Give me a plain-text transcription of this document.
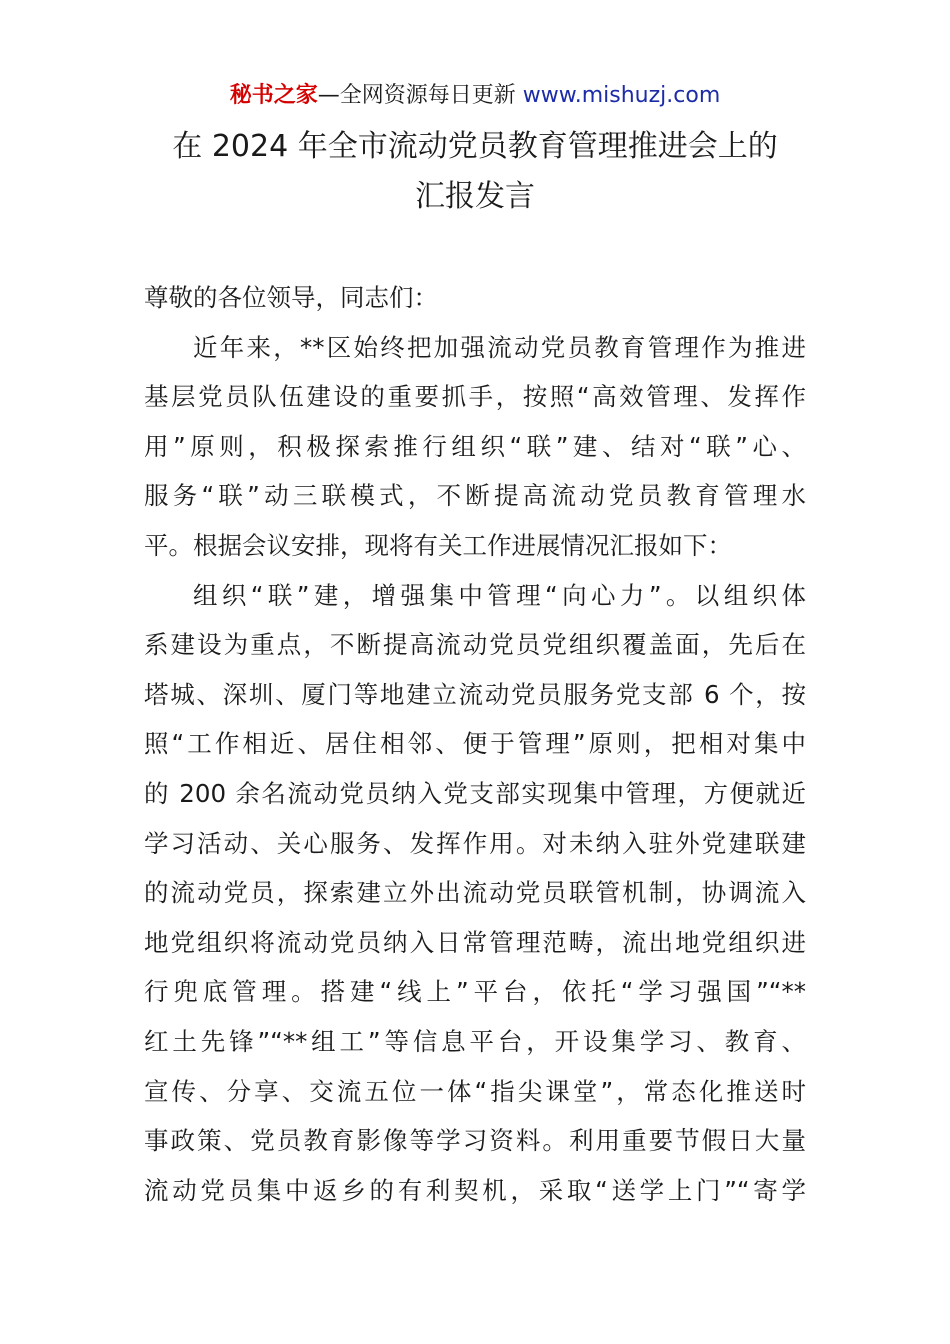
秘书之家—全网资源每日更新 www.mishuzj.com
在 2024 年全市流动党员教育管理推进会上的
汇报发言
尊敬的各位领导，同志们：
近年来，**区始终把加强流动党员教育管理作为推进
基层党员队伍建设的重要抓手，按照“高效管理、发挥作
用”原则，积极探索推行组织“联”建、结对“联”心、
服务“联”动三联模式，不断提高流动党员教育管理水
平。根据会议安排，现将有关工作进展情况汇报如下：
组织“联”建，增强集中管理“向心力”。以组织体
系建设为重点，不断提高流动党员党组织覆盖面，先后在
塔城、深圳、厦门等地建立流动党员服务党支部 6 个，按
照“工作相近、居住相邻、便于管理”原则，把相对集中
的 200 余名流动党员纳入党支部实现集中管理，方便就近
学习活动、关心服务、发挥作用。对未纳入驻外党建联建
的流动党员，探索建立外出流动党员联管机制，协调流入
地党组织将流动党员纳入日常管理范畴，流出地党组织进
行兜底管理。搭建“线上”平台，依托“学习强国”“**
红土先锋”“**组工”等信息平台，开设集学习、教育、
宣传、分享、交流五位一体“指尖课堂”，常态化推送时
事政策、党员教育影像等学习资料。利用重要节假日大量
流动党员集中返乡的有利契机，采取“送学上门”“寄学
